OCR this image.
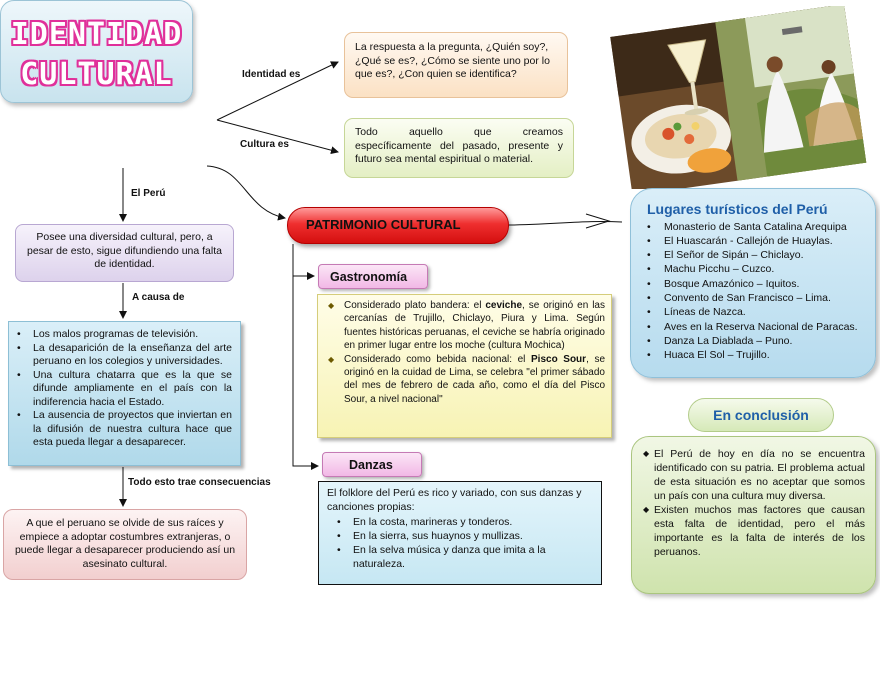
IDENTIDAD
CULTURAL	Identidad es
Cultura es
El Perú
A causa de
Todo esto trae consecuencias
La respuesta a la pregunta, ¿Quién soy?,
¿Qué se es?, ¿Cómo se siente uno por lo
que es?, ¿Con quien se identifica?
Todo aquello que creamos
específicamente del pasado, presente y
futuro sea mental espiritual o material.
Posee una diversidad cultural, pero, a pesar de esto, sigue difundiendo una falta de identidad.
• Los malos programas de televisión.
• La desaparición de la enseñanza del arte peruano en los colegios y universidades.
• Una cultura chatarra que es la que se difunde ampliamente en el país con la indiferencia hacia el Estado.
• La ausencia de proyectos que inviertan en la difusión de nuestra cultura hace que esta pueda llegar a desaparecer.
A que el peruano se olvide de sus raíces y empiece a adoptar costumbres extranjeras, o puede llegar a desaparecer produciendo así un asesinato cultural.
PATRIMONIO CULTURAL
Gastronomía
◆ Considerado plato bandera: el ceviche, se originó en las cercanías de Trujillo, Chiclayo, Piura y Lima. Según fuentes históricas peruanas, el ceviche se habría originado en primer lugar entre los moche (cultura Mochica)
◆ Considerado como bebida nacional: el Pisco Sour, se originó en la cuidad de Lima, se celebra "el primer sábado del mes de febrero de cada año, como el día del Pisco Sour, a nivel nacional"
Danzas
El folklore del Perú es rico y variado, con sus danzas y canciones propias:
• En la costa, marineras y tonderos.
• En la sierra, sus huaynos y mullizas.
• En la selva música y danza que imita a la naturaleza.
Lugares turísticos del Perú
• Monasterio de Santa Catalina Arequipa
• El Huascarán - Callejón de Huaylas.
• El Señor de Sipán – Chiclayo.
• Machu Picchu – Cuzco.
• Bosque Amazónico – Iquitos.
• Convento de San Francisco – Lima.
• Líneas de Nazca.
• Aves en la Reserva Nacional de Paracas.
• Danza La Diablada – Puno.
• Huaca El Sol – Trujillo.
En conclusión
◆ El Perú de hoy en día no se encuentra identificado con su patria. El problema actual de esta situación es no aceptar que somos un país con una cultura muy diversa.
◆ Existen muchos mas factores que causan esta falta de identidad, pero el más importante es la falta de interés de los peruanos.
